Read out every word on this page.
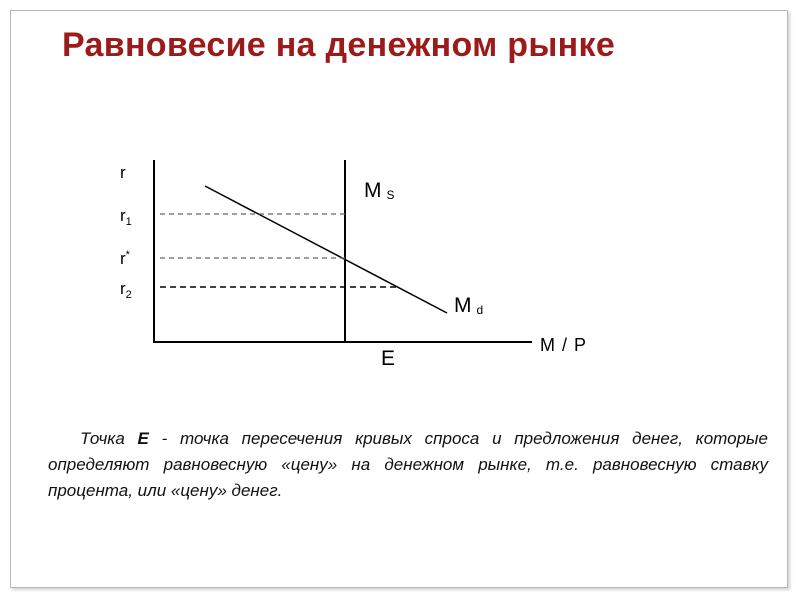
Равновесие на денежном рынке
r
$r_1$
r*
$r_2$
M S
Md
M / P
E

Точка Е - точка пересечения кривых спроса и предложения денег, которые определяют равновесную «цену» на денежном рынке, т.е. равновесную ставку процента, или «цену» денег.
